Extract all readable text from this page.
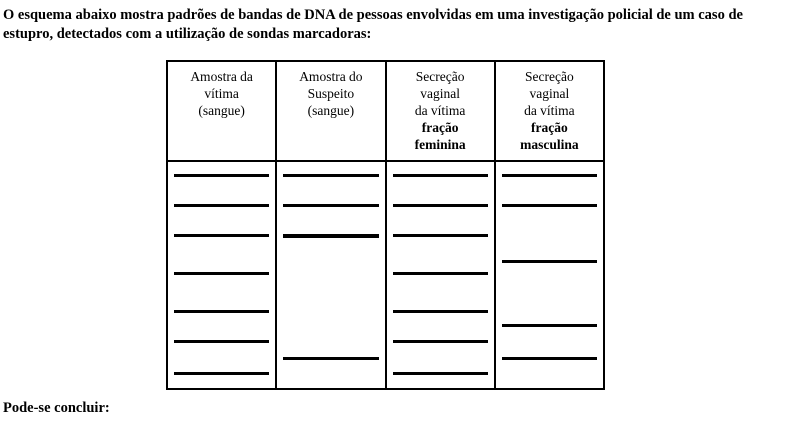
O esquema abaixo mostra padrões de bandas de DNA de pessoas envolvidas em uma investigação policial de um caso de estupro, detectados com a utilização de sondas marcadoras:
Amostra da
vítima
(sangue)
Amostra do
Suspeito
(sangue)
Secreção
vaginal
da vítima
fração
feminina
Secreção
vaginal
da vítima
fração
masculina
Pode-se concluir:
